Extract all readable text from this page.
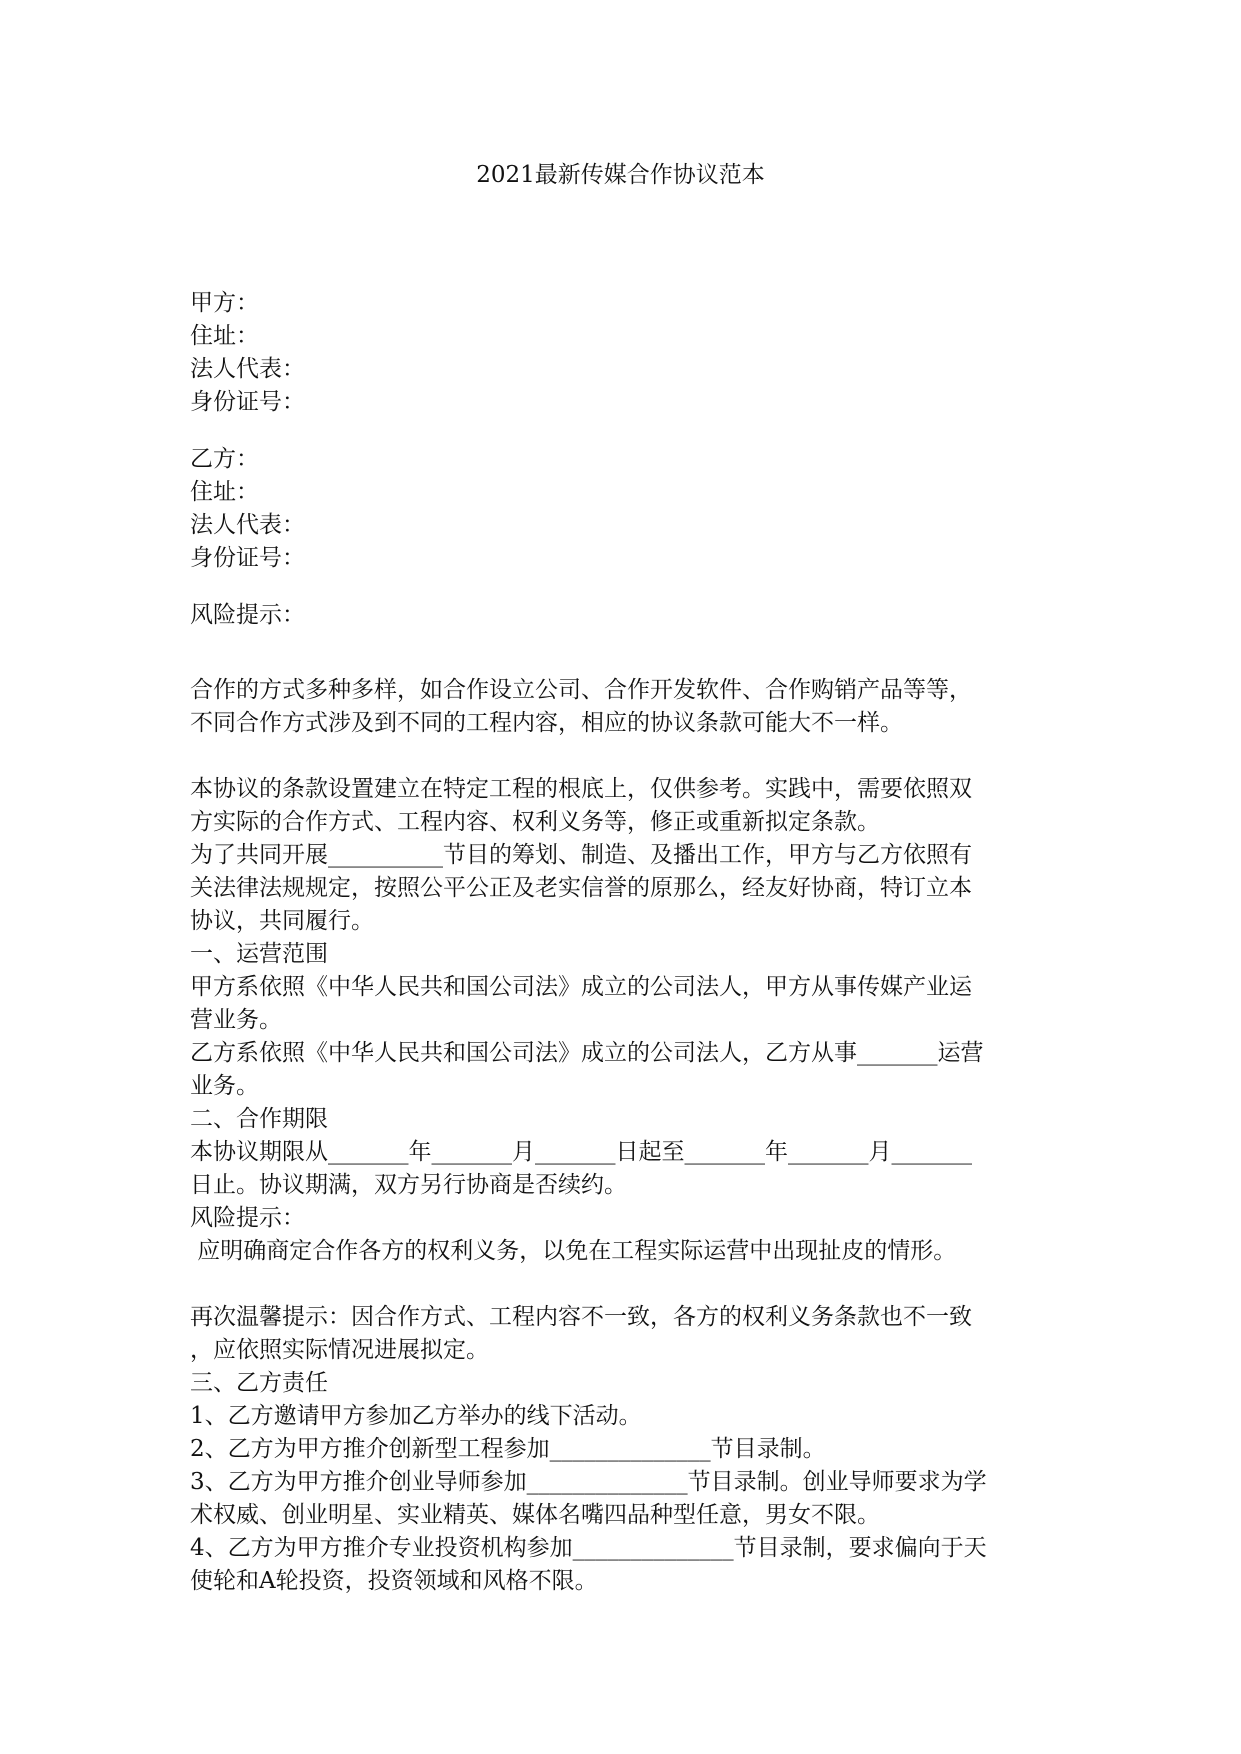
2021最新传媒合作协议范本
甲方：
住址：
法人代表：
身份证号：
乙方：
住址：
法人代表：
身份证号：
风险提示：
合作的方式多种多样，如合作设立公司、合作开发软件、合作购销产品等等，
不同合作方式涉及到不同的工程内容，相应的协议条款可能大不一样。
本协议的条款设置建立在特定工程的根底上，仅供参考。实践中，需要依照双
方实际的合作方式、工程内容、权利义务等，修正或重新拟定条款。
为了共同开展__________节目的筹划、制造、及播出工作，甲方与乙方依照有
关法律法规规定，按照公平公正及老实信誉的原那么，经友好协商，特订立本
协议，共同履行。
一、运营范围
甲方系依照《中华人民共和国公司法》成立的公司法人，甲方从事传媒产业运
营业务。
乙方系依照《中华人民共和国公司法》成立的公司法人，乙方从事_______运营
业务。
二、合作期限
本协议期限从_______年_______月_______日起至_______年_______月_______
日止。协议期满，双方另行协商是否续约。
风险提示：
应明确商定合作各方的权利义务，以免在工程实际运营中出现扯皮的情形。
再次温馨提示：因合作方式、工程内容不一致，各方的权利义务条款也不一致
，应依照实际情况进展拟定。
三、乙方责任
1、乙方邀请甲方参加乙方举办的线下活动。
2、乙方为甲方推介创新型工程参加______________节目录制。
3、乙方为甲方推介创业导师参加______________节目录制。创业导师要求为学
术权威、创业明星、实业精英、媒体名嘴四品种型任意，男女不限。
4、乙方为甲方推介专业投资机构参加______________节目录制，要求偏向于天
使轮和A轮投资，投资领域和风格不限。
